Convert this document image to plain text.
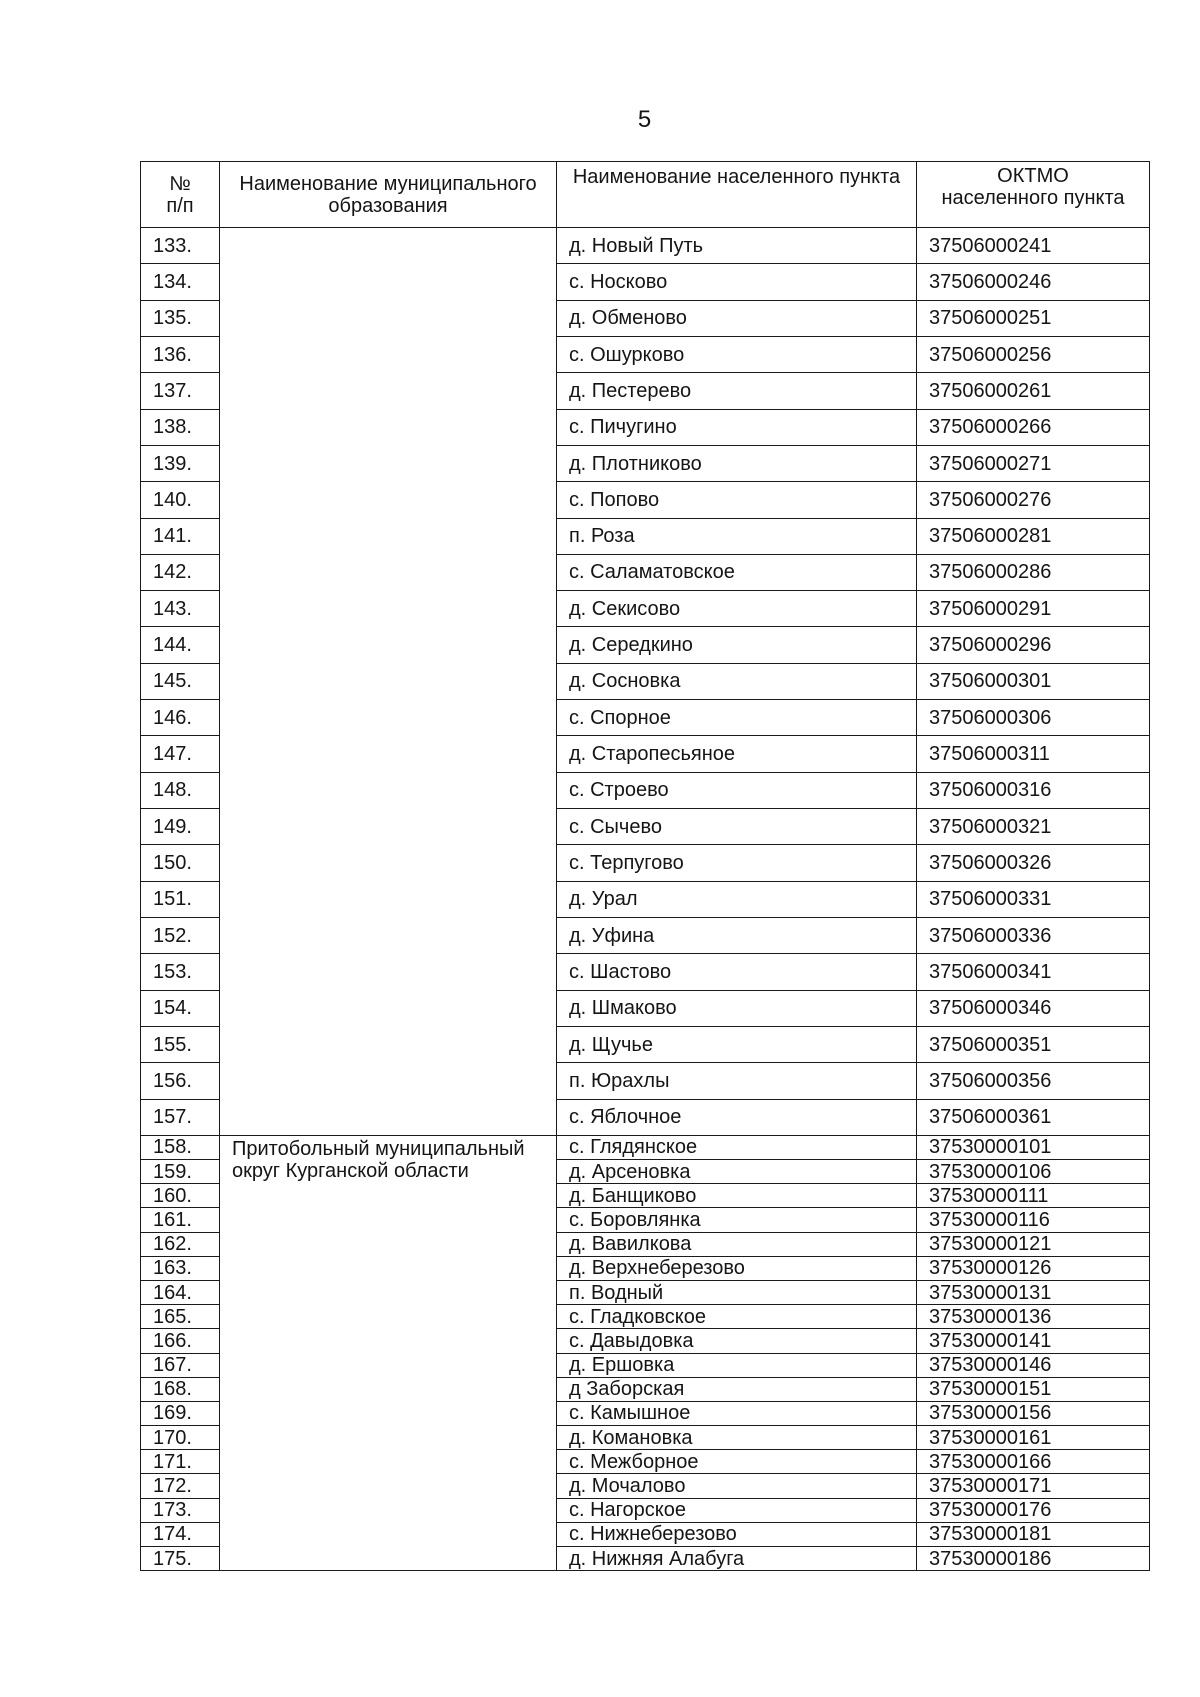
5
№
п/п	Наименование муниципального
образования	Наименование населенного пункта	ОКТМО
населенного пункта

133.		д. Новый Путь	37506000241
134.		с. Носково	37506000246
135.		д. Обменово	37506000251
136.		с. Ошурково	37506000256
137.		д. Пестерево	37506000261
138.		с. Пичугино	37506000266
139.		д. Плотниково	37506000271
140.		с. Попово	37506000276
141.		п. Роза	37506000281
142.		с. Саламатовское	37506000286
143.		д. Секисово	37506000291
144.		д. Середкино	37506000296
145.		д. Сосновка	37506000301
146.		с. Спорное	37506000306
147.		д. Старопесьяное	37506000311
148.		с. Строево	37506000316
149.		с. Сычево	37506000321
150.		с. Терпугово	37506000326
151.		д. Урал	37506000331
152.		д. Уфина	37506000336
153.		с. Шастово	37506000341
154.		д. Шмаково	37506000346
155.		д. Щучье	37506000351
156.		п. Юрахлы	37506000356
157.		с. Яблочное	37506000361
158.	Притобольный муниципальный
округ Курганской области	с. Глядянское	37530000101
159.		д. Арсеновка	37530000106
160.		д. Банщиково	37530000111
161.		с. Боровлянка	37530000116
162.		д. Вавилкова	37530000121
163.		д. Верхнеберезово	37530000126
164.		п. Водный	37530000131
165.		с. Гладковское	37530000136
166.		с. Давыдовка	37530000141
167.		д. Ершовка	37530000146
168.		д Заборская	37530000151
169.		с. Камышное	37530000156
170.		д. Комановка	37530000161
171.		с. Межборное	37530000166
172.		д. Мочалово	37530000171
173.		с. Нагорское	37530000176
174.		с. Нижнеберезово	37530000181
175.		д. Нижняя Алабуга	37530000186
